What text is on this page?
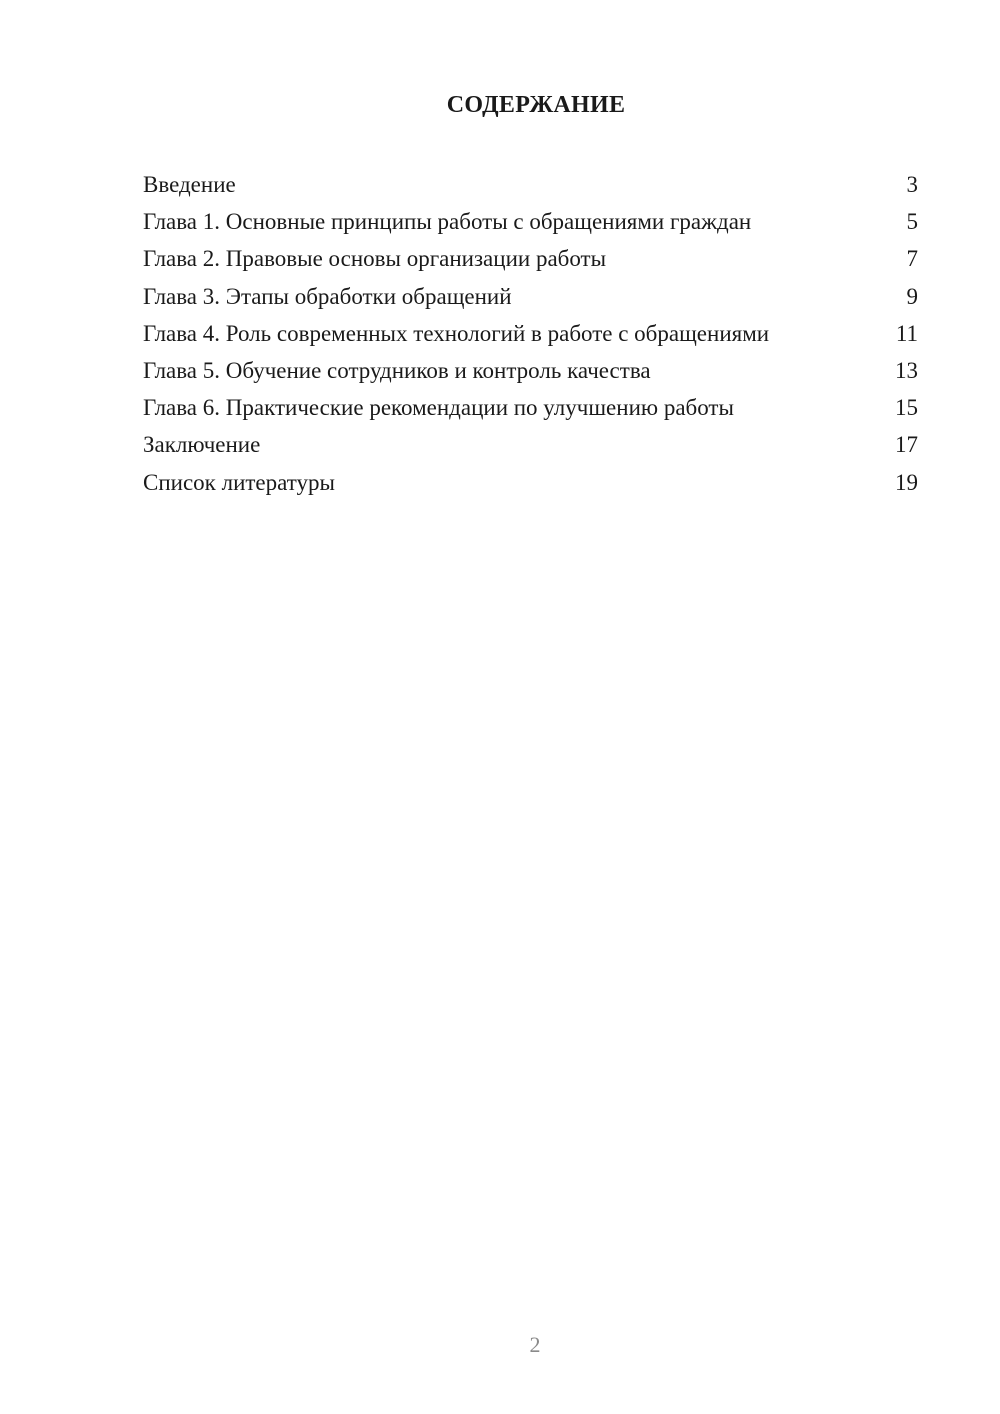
СОДЕРЖАНИЕ
Введение	3
Глава 1. Основные принципы работы с обращениями граждан	5
Глава 2. Правовые основы организации работы	7
Глава 3. Этапы обработки обращений	9
Глава 4. Роль современных технологий в работе с обращениями	11
Глава 5. Обучение сотрудников и контроль качества	13
Глава 6. Практические рекомендации по улучшению работы	15
Заключение	17
Список литературы	19
2
